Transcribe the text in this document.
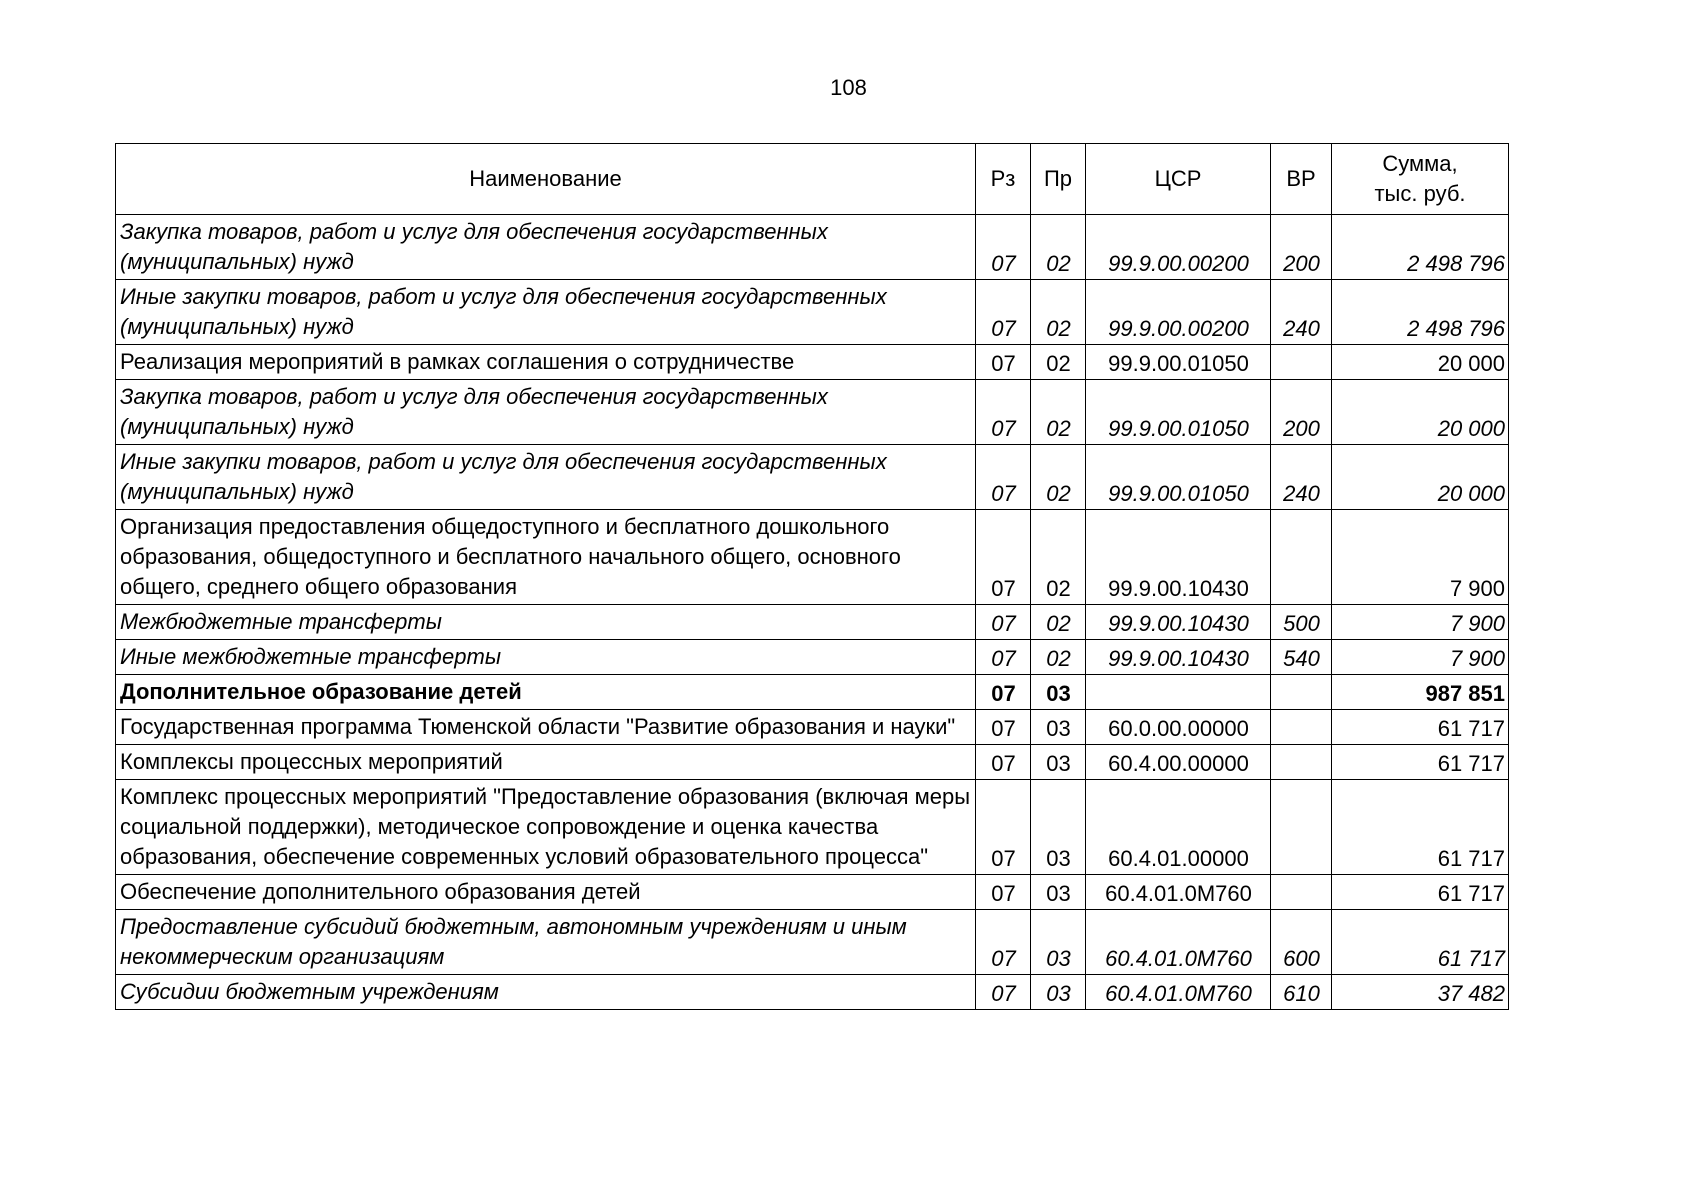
108
Наименование	Рз	Пр	ЦСР	ВР	Сумма,
тыс. руб.

Закупка товаров, работ и услуг для обеспечения государственных (муниципальных) нужд	07	02	99.9.00.00200	200	2 498 796
Иные закупки товаров, работ и услуг для обеспечения государственных (муниципальных) нужд	07	02	99.9.00.00200	240	2 498 796
Реализация мероприятий в рамках соглашения о сотрудничестве	07	02	99.9.00.01050		20 000
Закупка товаров, работ и услуг для обеспечения государственных (муниципальных) нужд	07	02	99.9.00.01050	200	20 000
Иные закупки товаров, работ и услуг для обеспечения государственных (муниципальных) нужд	07	02	99.9.00.01050	240	20 000
Организация предоставления общедоступного и бесплатного дошкольного образования, общедоступного и бесплатного начального общего, основного общего, среднего общего образования	07	02	99.9.00.10430		7 900
Межбюджетные трансферты	07	02	99.9.00.10430	500	7 900
Иные межбюджетные трансферты	07	02	99.9.00.10430	540	7 900
Дополнительное образование детей	07	03			987 851
Государственная программа Тюменской области "Развитие образования и науки"	07	03	60.0.00.00000		61 717
Комплексы процессных мероприятий	07	03	60.4.00.00000		61 717
Комплекс процессных мероприятий "Предоставление образования (включая меры социальной поддержки), методическое сопровождение и оценка качества образования, обеспечение современных условий образовательного процесса"	07	03	60.4.01.00000		61 717
Обеспечение дополнительного образования детей	07	03	60.4.01.0М760		61 717
Предоставление субсидий бюджетным, автономным учреждениям и иным некоммерческим организациям	07	03	60.4.01.0М760	600	61 717
Субсидии бюджетным учреждениям	07	03	60.4.01.0М760	610	37 482
